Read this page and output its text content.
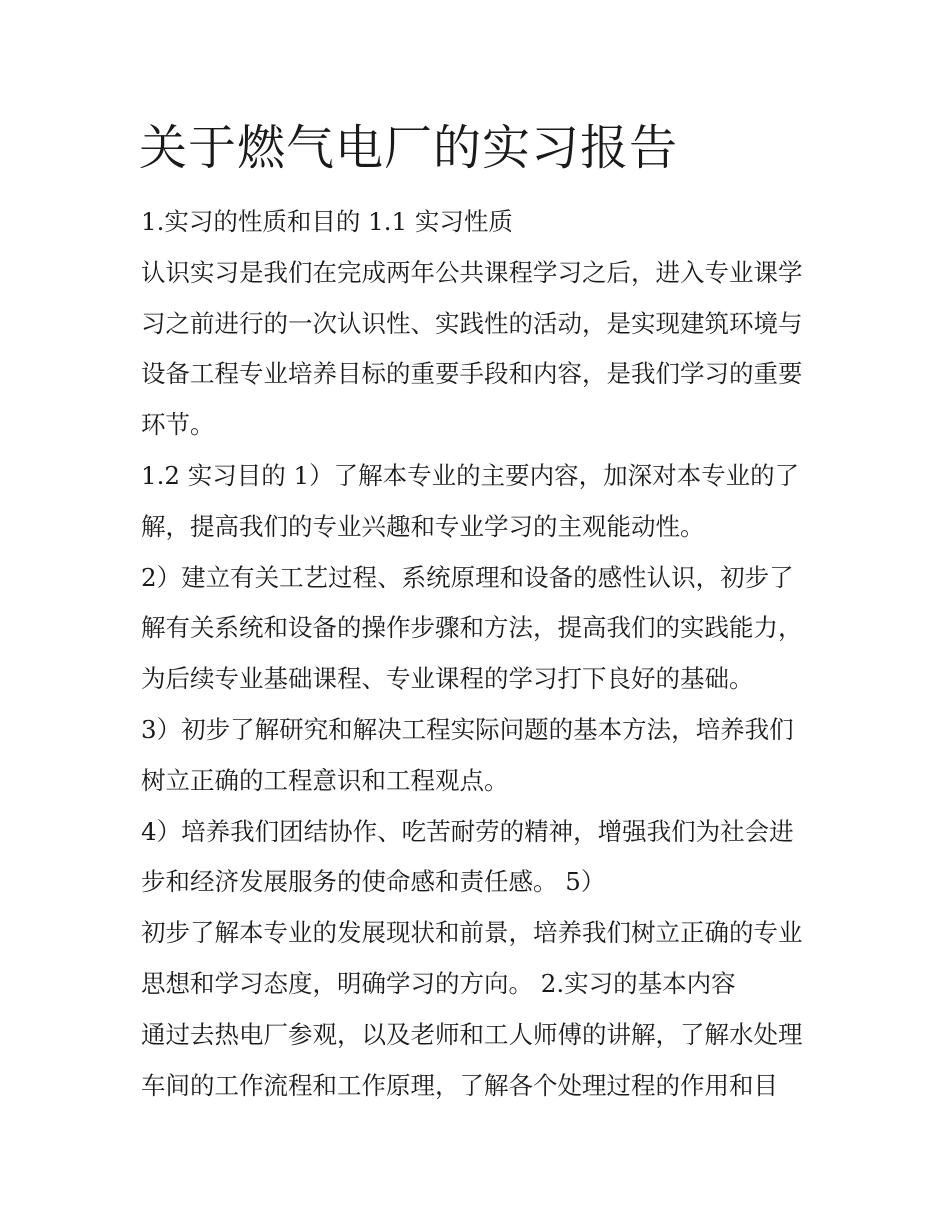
关于燃气电厂的实习报告
1.实习的性质和目的 1.1 实习性质
认识实习是我们在完成两年公共课程学习之后，进入专业课学
习之前进行的一次认识性、实践性的活动，是实现建筑环境与
设备工程专业培养目标的重要手段和内容，是我们学习的重要
环节。
1.2 实习目的 1）了解本专业的主要内容，加深对本专业的了
解，提高我们的专业兴趣和专业学习的主观能动性。
2）建立有关工艺过程、系统原理和设备的感性认识，初步了
解有关系统和设备的操作步骤和方法，提高我们的实践能力，
为后续专业基础课程、专业课程的学习打下良好的基础。
3）初步了解研究和解决工程实际问题的基本方法，培养我们
树立正确的工程意识和工程观点。
4）培养我们团结协作、吃苦耐劳的精神，增强我们为社会进
步和经济发展服务的使命感和责任感。 5）
初步了解本专业的发展现状和前景，培养我们树立正确的专业
思想和学习态度，明确学习的方向。 2.实习的基本内容
通过去热电厂参观，以及老师和工人师傅的讲解，了解水处理
车间的工作流程和工作原理，了解各个处理过程的作用和目
